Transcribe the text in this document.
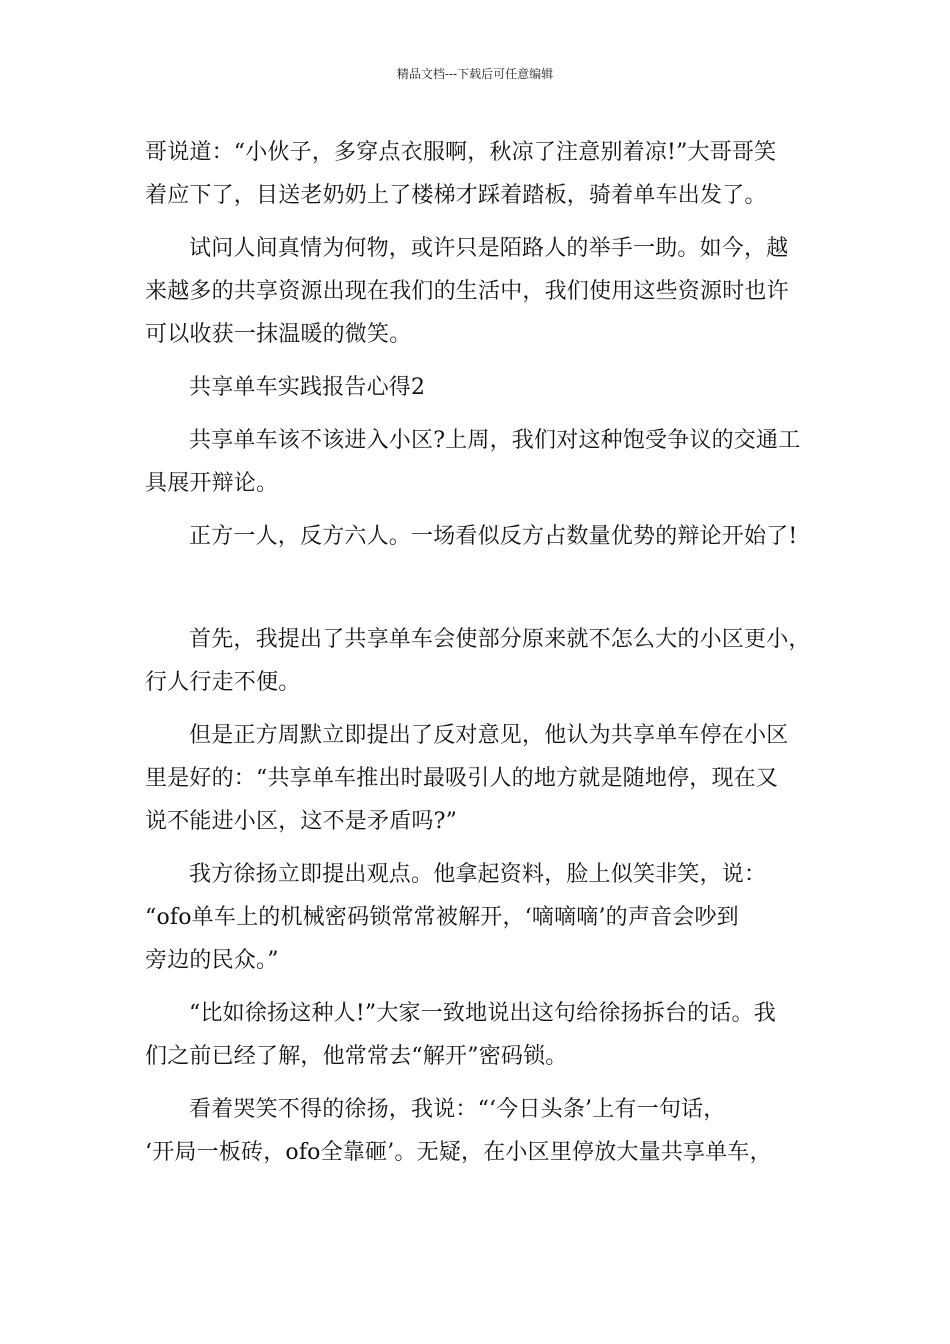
精品文档---下载后可任意编辑
哥说道：“小伙子，多穿点衣服啊，秋凉了注意别着凉!”大哥哥笑
着应下了，目送老奶奶上了楼梯才踩着踏板，骑着单车出发了。
试问人间真情为何物，或许只是陌路人的举手一助。如今，越
来越多的共享资源出现在我们的生活中，我们使用这些资源时也许
可以收获一抹温暖的微笑。
共享单车实践报告心得2
共享单车该不该进入小区?上周，我们对这种饱受争议的交通工
具展开辩论。
正方一人，反方六人。一场看似反方占数量优势的辩论开始了!
首先，我提出了共享单车会使部分原来就不怎么大的小区更小，
行人行走不便。
但是正方周默立即提出了反对意见，他认为共享单车停在小区
里是好的：“共享单车推出时最吸引人的地方就是随地停，现在又
说不能进小区，这不是矛盾吗?”
我方徐扬立即提出观点。他拿起资料，脸上似笑非笑，说：
“ofo单车上的机械密码锁常常被解开，‘嘀嘀嘀’的声音会吵到
旁边的民众。”
“比如徐扬这种人!”大家一致地说出这句给徐扬拆台的话。我
们之前已经了解，他常常去“解开”密码锁。
看着哭笑不得的徐扬，我说：“‘今日头条’上有一句话，
‘开局一板砖，ofo全靠砸’。无疑，在小区里停放大量共享单车，
